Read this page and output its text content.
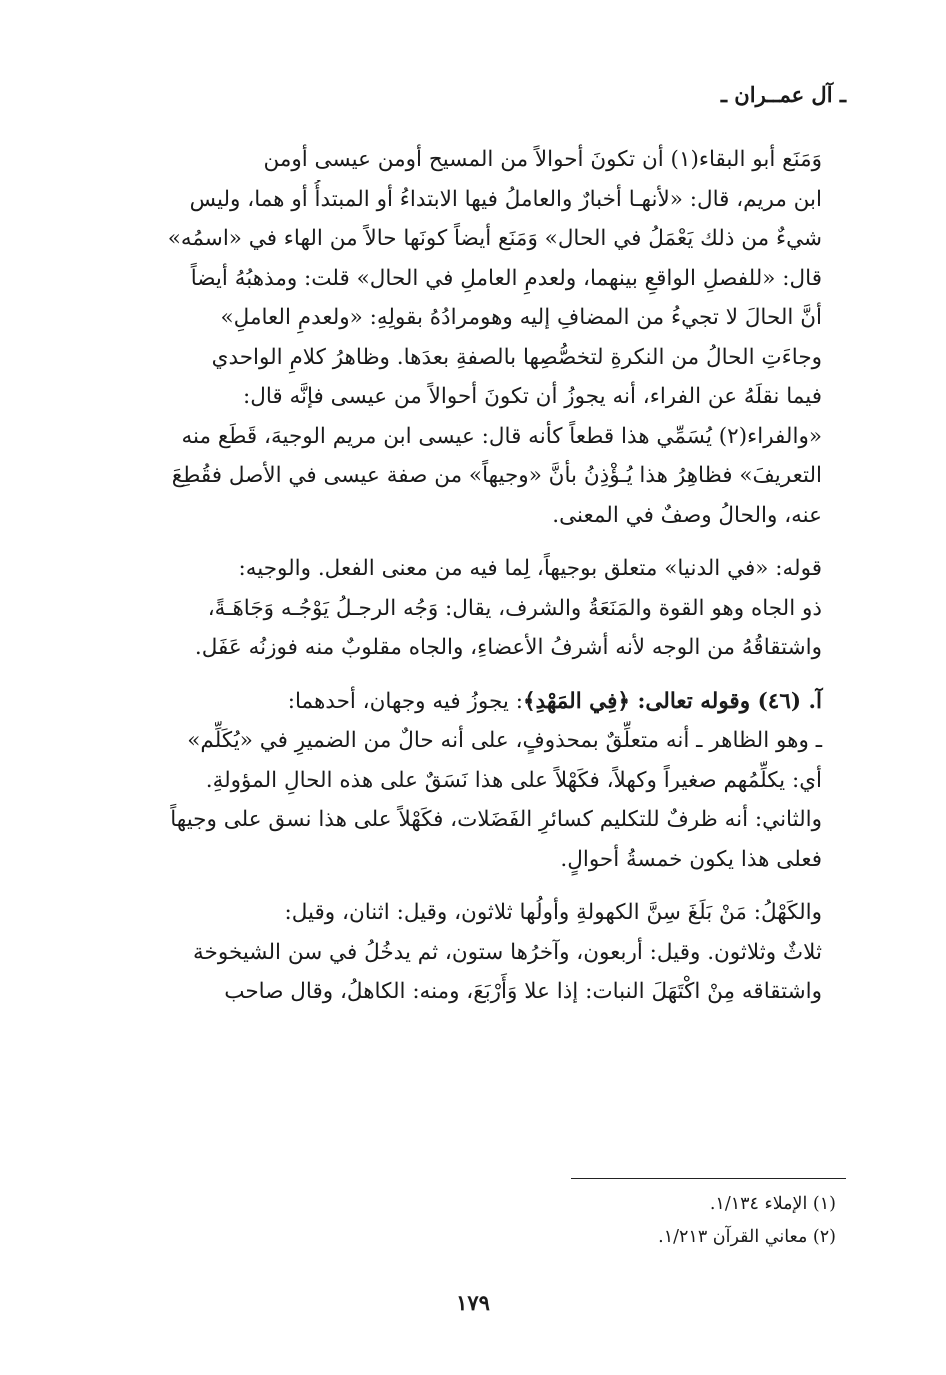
ـ آل عمــران ـ
وَمَنَع أبو البقاء(١) أن تكونَ أحوالاً من المسيح أومن عيسى أومن
ابن مريم، قال: «لأنهـا أخبارٌ والعاملُ فيها الابتداءُ أو المبتدأُ أو هما، وليس
شيءٌ من ذلك يَعْمَلُ في الحال» وَمَنَع أيضاً كونَها حالاً من الهاء في «اسمُه»
قال: «للفصلِ الواقعِ بينهما، ولعدمِ العاملِ في الحال» قلت: ومذهبُهُ أيضاً
أنَّ الحالَ لا تجيءُ من المضافِ إليه وهومرادُهُ بقولِهِ: «ولعدمِ العاملِ»
وجاءَتِ الحالُ من النكرةِ لتخصُّصِها بالصفةِ بعدَها. وظاهرُ كلامِ الواحدي
فيما نقلَهُ عن الفراء، أنه يجوزُ أن تكونَ أحوالاً من عيسى فإنَّه قال:
«والفراء(٢) يُسَمِّي هذا قطعاً كأنه قال: عيسى ابن مريم الوجيهَ، قَطَع منه
التعريفَ» فظاهِرُ هذا يُـؤْذِنُ بأنَّ «وجيهاً» من صفة عيسى في الأصل فقُطِعَ
عنه، والحالُ وصفٌ في المعنى.
قوله: «في الدنيا» متعلق بوجيهاً، لِما فيه من معنى الفعل. والوجيه:
ذو الجاه وهو القوة والمَنَعَةُ والشرف، يقال: وَجُه الرجـلُ يَوْجُـه وَجَاهَـةً،
واشتقاقُهُ من الوجه لأنه أشرفُ الأعضاءِ، والجاه مقلوبٌ منه فوزنُه عَفَل.
آ. (٤٦) وقوله تعالى: ﴿فِي المَهْدِ﴾: يجوزُ فيه وجهان، أحدهما:
ـ وهو الظاهر ـ أنه متعلِّقٌ بمحذوفٍ، على أنه حالٌ من الضميرِ في «يُكَلِّم»
أي: يكلِّمُهم صغيراً وكهلاً، فكَهْلاً على هذا نَسَقٌ على هذه الحالِ المؤولةِ.
والثاني: أنه ظرفٌ للتكليم كسائرِ الفَضَلات، فكَهْلاً على هذا نسق على وجيهاً
فعلى هذا يكون خمسةُ أحوالٍ.
والكَهْلُ: مَنْ بَلَغَ سِنَّ الكهولةِ وأولُها ثلاثون، وقيل: اثنان، وقيل:
ثلاثٌ وثلاثون. وقيل: أربعون، وآخرُها ستون، ثم يدخُلُ في سن الشيخوخة
واشتقاقه مِنْ اكْتَهَلَ النبات: إذا علا وَأَرْبَعَ، ومنه: الكاهلُ، وقال صاحب
(١) الإملاء ١/١٣٤.
(٢) معاني القرآن ١/٢١٣.
١٧٩
